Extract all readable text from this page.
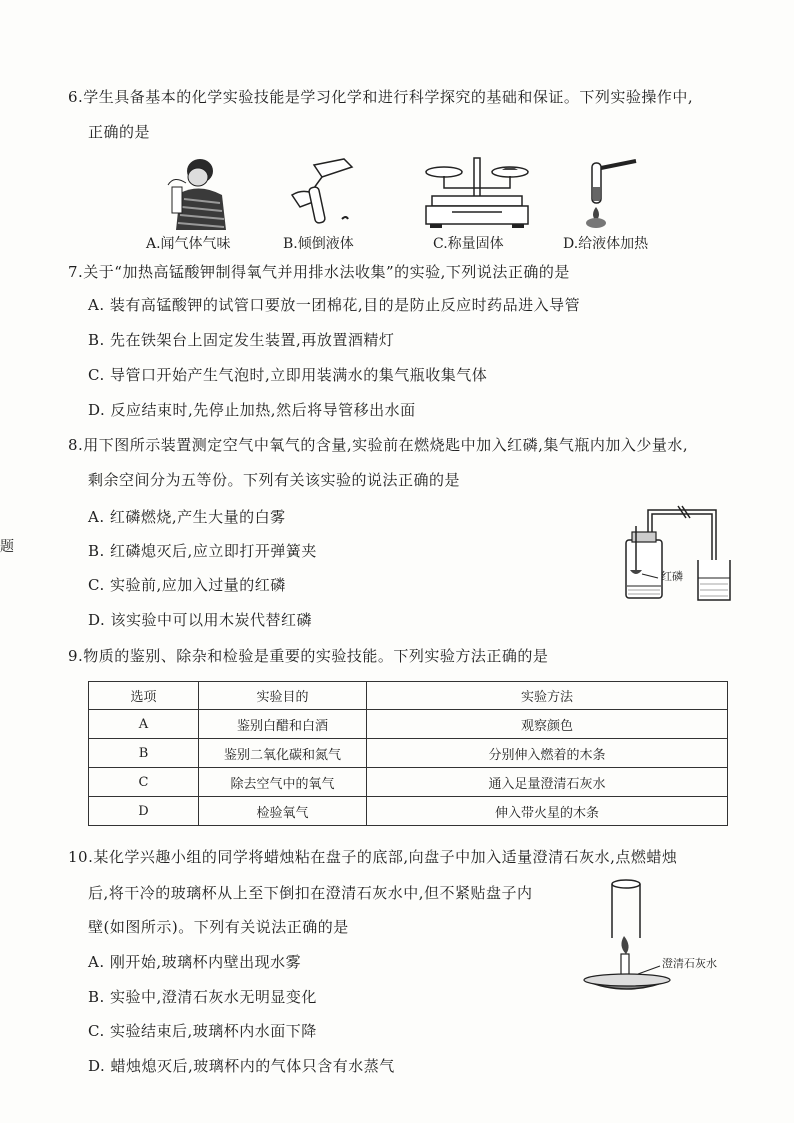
6.学生具备基本的化学实验技能是学习化学和进行科学探究的基础和保证。下列实验操作中,
正确的是
A.闻气体气味	B.倾倒液体	C.称量固体	D.给液体加热
7.关于“加热高锰酸钾制得氧气并用排水法收集”的实验,下列说法正确的是
A. 装有高锰酸钾的试管口要放一团棉花,目的是防止反应时药品进入导管
B. 先在铁架台上固定发生装置,再放置酒精灯
C. 导管口开始产生气泡时,立即用装满水的集气瓶收集气体
D. 反应结束时,先停止加热,然后将导管移出水面
8.用下图所示装置测定空气中氧气的含量,实验前在燃烧匙中加入红磷,集气瓶内加入少量水,
剩余空间分为五等份。下列有关该实验的说法正确的是
A. 红磷燃烧,产生大量的白雾
B. 红磷熄灭后,应立即打开弹簧夹
C. 实验前,应加入过量的红磷
D. 该实验中可以用木炭代替红磷
红磷
题
9.物质的鉴别、除杂和检验是重要的实验技能。下列实验方法正确的是
选项	实验目的	实验方法
A	鉴别白醋和白酒	观察颜色
B	鉴别二氧化碳和氮气	分别伸入燃着的木条
C	除去空气中的氧气	通入足量澄清石灰水
D	检验氧气	伸入带火星的木条
10.某化学兴趣小组的同学将蜡烛粘在盘子的底部,向盘子中加入适量澄清石灰水,点燃蜡烛
后,将干冷的玻璃杯从上至下倒扣在澄清石灰水中,但不紧贴盘子内
壁(如图所示)。下列有关说法正确的是
A. 刚开始,玻璃杯内壁出现水雾
B. 实验中,澄清石灰水无明显变化
C. 实验结束后,玻璃杯内水面下降
D. 蜡烛熄灭后,玻璃杯内的气体只含有水蒸气
澄清石灰水
